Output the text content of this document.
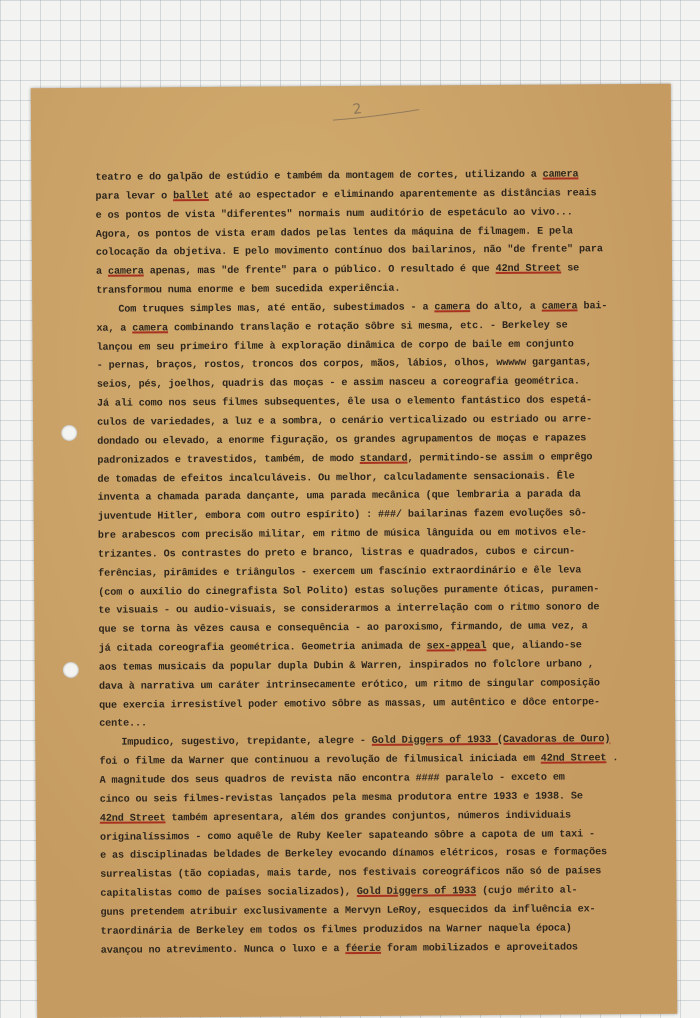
2
teatro e do galpão de estúdio e também da montagem de cortes, utilizando a camera
para levar o ballet até ao espectador e eliminando aparentemente as distâncias reais
e os pontos de vista "diferentes" normais num auditório de espetáculo ao vivo...
Agora, os pontos de vista eram dados pelas lentes da máquina de filmagem. E pela
colocação da objetiva. E pelo movimento contínuo dos bailarinos, não "de frente" para
a camera apenas, mas "de frente" para o público. O resultado é que 42nd Street se
transformou numa enorme e bem sucedida experiência.
Com truques simples mas, até então, subestimados - a camera do alto, a camera bai-
xa, a camera combinando translação e rotação sôbre si mesma, etc. - Berkeley se
lançou em seu primeiro filme à exploração dinâmica de corpo de baile em conjunto
- pernas, braços, rostos, troncos dos corpos, mãos, lábios, olhos, wwwww gargantas,
seios, pés, joelhos, quadris das moças - e assim nasceu a coreografia geométrica.
Já ali como nos seus filmes subsequentes, êle usa o elemento fantástico dos espetá-
culos de variedades, a luz e a sombra, o cenário verticalizado ou estriado ou arre-
dondado ou elevado, a enorme figuração, os grandes agrupamentos de moças e rapazes
padronizados e travestidos, também, de modo standard, permitindo-se assim o emprêgo
de tomadas de efeitos incalculáveis. Ou melhor, calculadamente sensacionais. Êle
inventa a chamada parada dançante, uma parada mecânica (que lembraria a parada da
juventude Hitler, embora com outro espírito) : ###/ bailarinas fazem evoluções sô-
bre arabescos com precisão militar, em ritmo de música lânguida ou em motivos ele-
trizantes. Os contrastes do preto e branco, listras e quadrados, cubos e circun-
ferências, pirâmides e triângulos - exercem um fascínio extraordinário e êle leva
(com o auxílio do cinegrafista Sol Polito) estas soluções puramente óticas, puramen-
te visuais - ou audio-visuais, se considerarmos a interrelação com o ritmo sonoro de
que se torna às vêzes causa e consequência - ao paroxismo, firmando, de uma vez, a
já citada coreografia geométrica. Geometria animada de sex-appeal que, aliando-se
aos temas musicais da popular dupla Dubin & Warren, inspirados no folclore urbano ,
dava à narrativa um caráter intrinsecamente erótico, um ritmo de singular composição
que exercia irresistível poder emotivo sôbre as massas, um autêntico e dôce entorpe-
cente...
Impudico, sugestivo, trepidante, alegre - Gold Diggers of 1933 (Cavadoras de Ouro)
foi o filme da Warner que continuou a revolução de filmusical iniciada em 42nd Street .
A magnitude dos seus quadros de revista não encontra #### paralelo - exceto em
cinco ou seis filmes-revistas lançados pela mesma produtora entre 1933 e 1938. Se
42nd Street também apresentara, além dos grandes conjuntos, números individuais
originalíssimos - como aquêle de Ruby Keeler sapateando sôbre a capota de um taxi -
e as disciplinadas beldades de Berkeley evocando dínamos elétricos, rosas e formações
surrealistas (tão copiadas, mais tarde, nos festivais coreográficos não só de países
capitalistas como de países socializados), Gold Diggers of 1933 (cujo mérito al-
guns pretendem atribuir exclusivamente a Mervyn LeRoy, esquecidos da influência ex-
traordinária de Berkeley em todos os filmes produzidos na Warner naquela época)
avançou no atrevimento. Nunca o luxo e a féerie foram mobilizados e aproveitados
